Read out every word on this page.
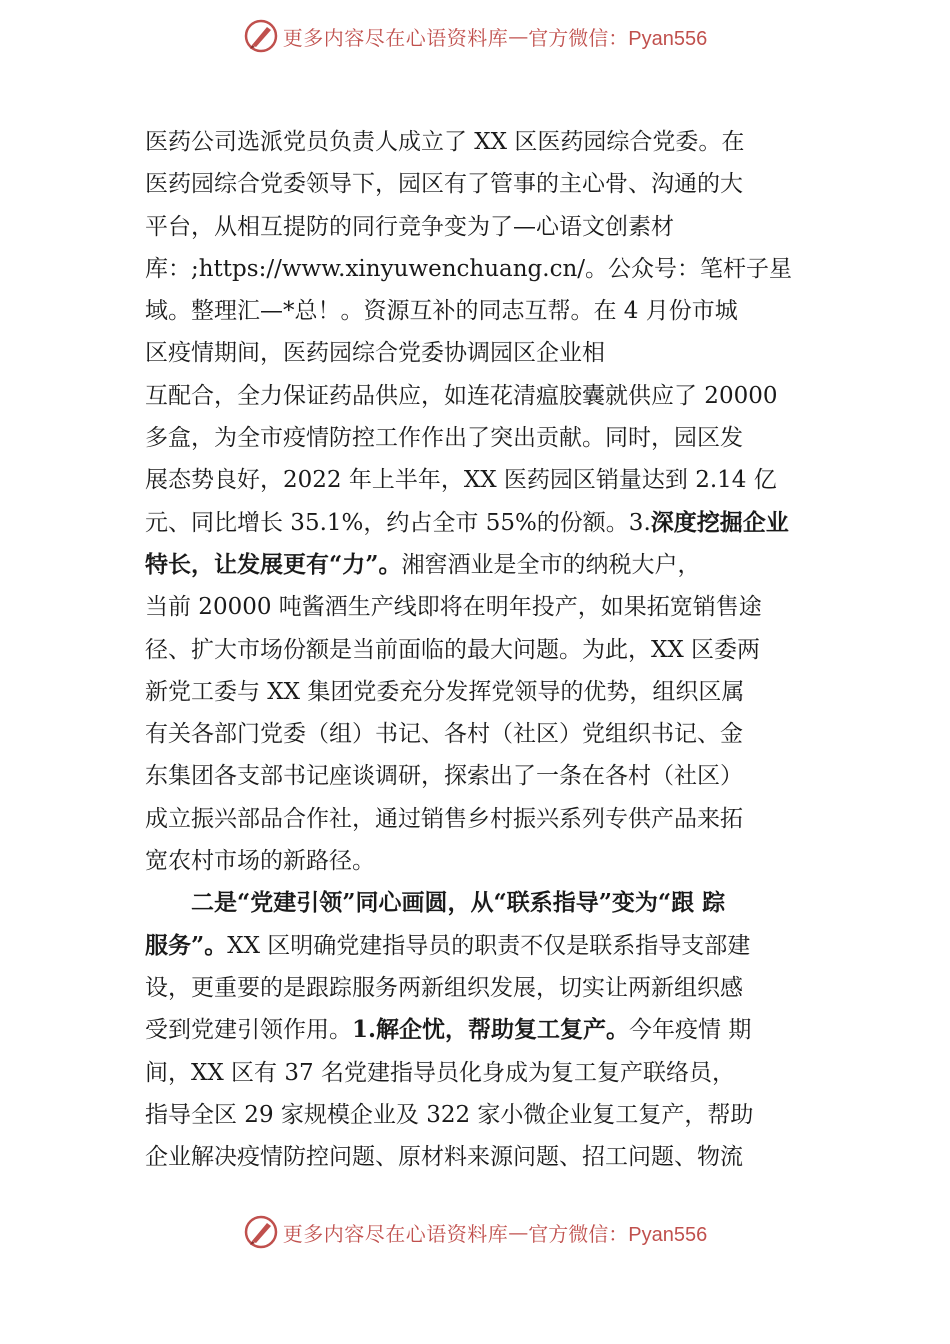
更多内容尽在心语资料库 — 官方微信：Pyan556
医药公司选派党员负责人成立了 XX 区医药园综合党委。在
医药园综合党委领导下，园区有了管事的主心骨、沟通的大
平台，从相互提防的同行竞争变为了—心语文创素材
库：;https://www.xinyuwenchuang.cn/。公众号：笔杆子星
域。整理汇—*总！。资源互补的同志互帮。在 4 月份市城
区疫情期间，医药园综合党委协调园区企业相
互配合，全力保证药品供应，如连花清瘟胶囊就供应了 20000
多盒，为全市疫情防控工作作出了突出贡献。同时，园区发
展态势良好，2022 年上半年，XX 医药园区销量达到 2.14 亿
元、同比增长 35.1%，约占全市 55%的份额。3.深度挖掘企业
特长，让发展更有“力”。湘窖酒业是全市的纳税大户，
当前 20000 吨酱酒生产线即将在明年投产，如果拓宽销售途
径、扩大市场份额是当前面临的最大问题。为此，XX 区委两
新党工委与 XX 集团党委充分发挥党领导的优势，组织区属
有关各部门党委（组）书记、各村（社区）党组织书记、金
东集团各支部书记座谈调研，探索出了一条在各村（社区）
成立振兴部品合作社，通过销售乡村振兴系列专供产品来拓
宽农村市场的新路径。
二是“党建引领”同心画圆，从“联系指导”变为“跟 踪
服务”。XX 区明确党建指导员的职责不仅是联系指导支部建
设，更重要的是跟踪服务两新组织发展，切实让两新组织感
受到党建引领作用。1.解企忧，帮助复工复产。今年疫情 期
间，XX 区有 37 名党建指导员化身成为复工复产联络员，
指导全区 29 家规模企业及 322 家小微企业复工复产，帮助
企业解决疫情防控问题、原材料来源问题、招工问题、物流
更多内容尽在心语资料库 — 官方微信：Pyan556
